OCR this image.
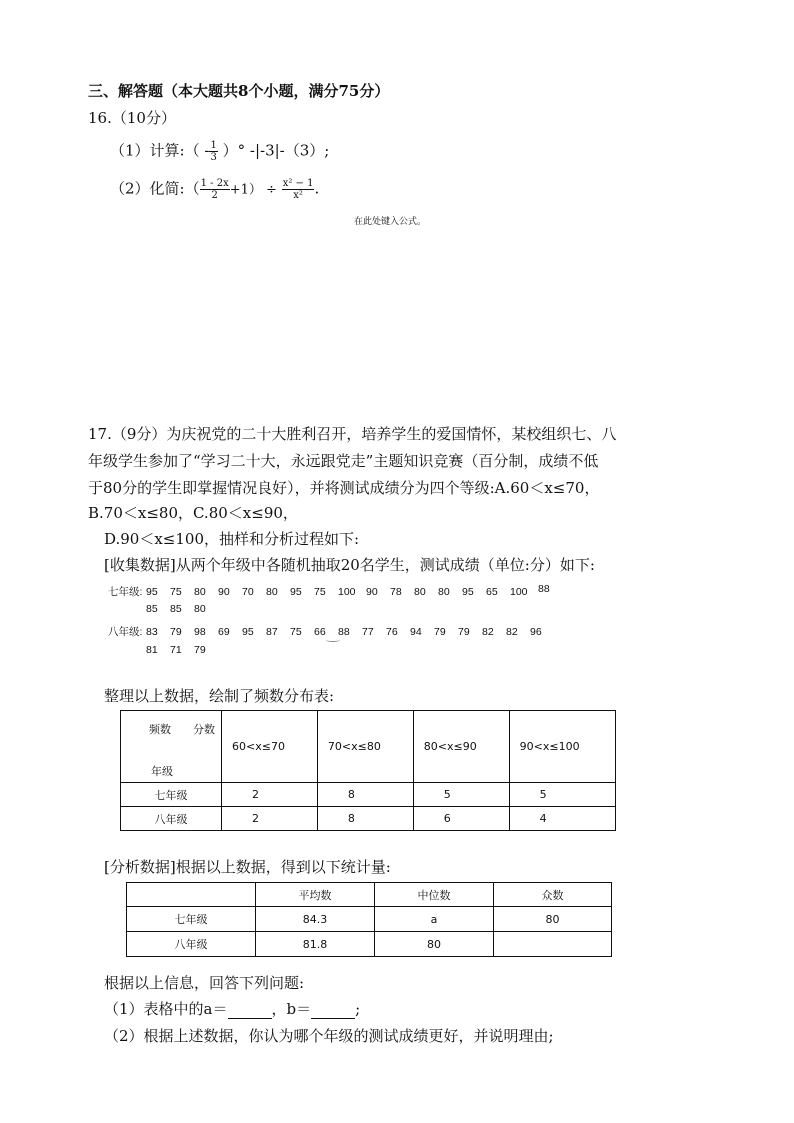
三、解答题（本大题共8个小题，满分75分）
16.（10分）
（1）计算:（ - $\frac{1}{3}$ ）° -|-3|-（3）;
（2）化简:（ $\frac{1 - 2x}{2} +1) \div \frac{\text{x² − 1}}{\text{x²}}$ .
在此处键入公式。
17.（9分）为庆祝党的二十大胜利召开，培养学生的爱国情怀，某校组织七、八
年级学生参加了“学习二十大，永远跟党走”主题知识竞赛（百分制，成绩不低
于80分的学生即掌握情况良好），并将测试成绩分为四个等级:A.60＜x≤70，
B.70＜x≤80，C.80＜x≤90，
D.90＜x≤100，抽样和分析过程如下:
[收集数据]从两个年级中各随机抽取20名学生，测试成绩（单位:分）如下:
七年级: 95 75 80 90 70 80 95 75 100 90 78 80 80 95 65 100 88
85 85 80
八年级: 83 79 98 69 95 87 75 66 88 77 76 94 79 79 82 82 96
81 71 79
整理以上数据，绘制了频数分布表:
频数 分数
年级	60<x≤70	70<x≤80	80<x≤90	90<x≤100
七年级	2	8	5	5
八年级	2	8	6	4
[分析数据]根据以上数据，得到以下统计量:
	平均数	中位数	众数
七年级	84.3	a	80
八年级	81.8	80	
根据以上信息，回答下列问题:
（1）表格中的a＝	，b＝	;
（2）根据上述数据，你认为哪个年级的测试成绩更好，并说明理由;
